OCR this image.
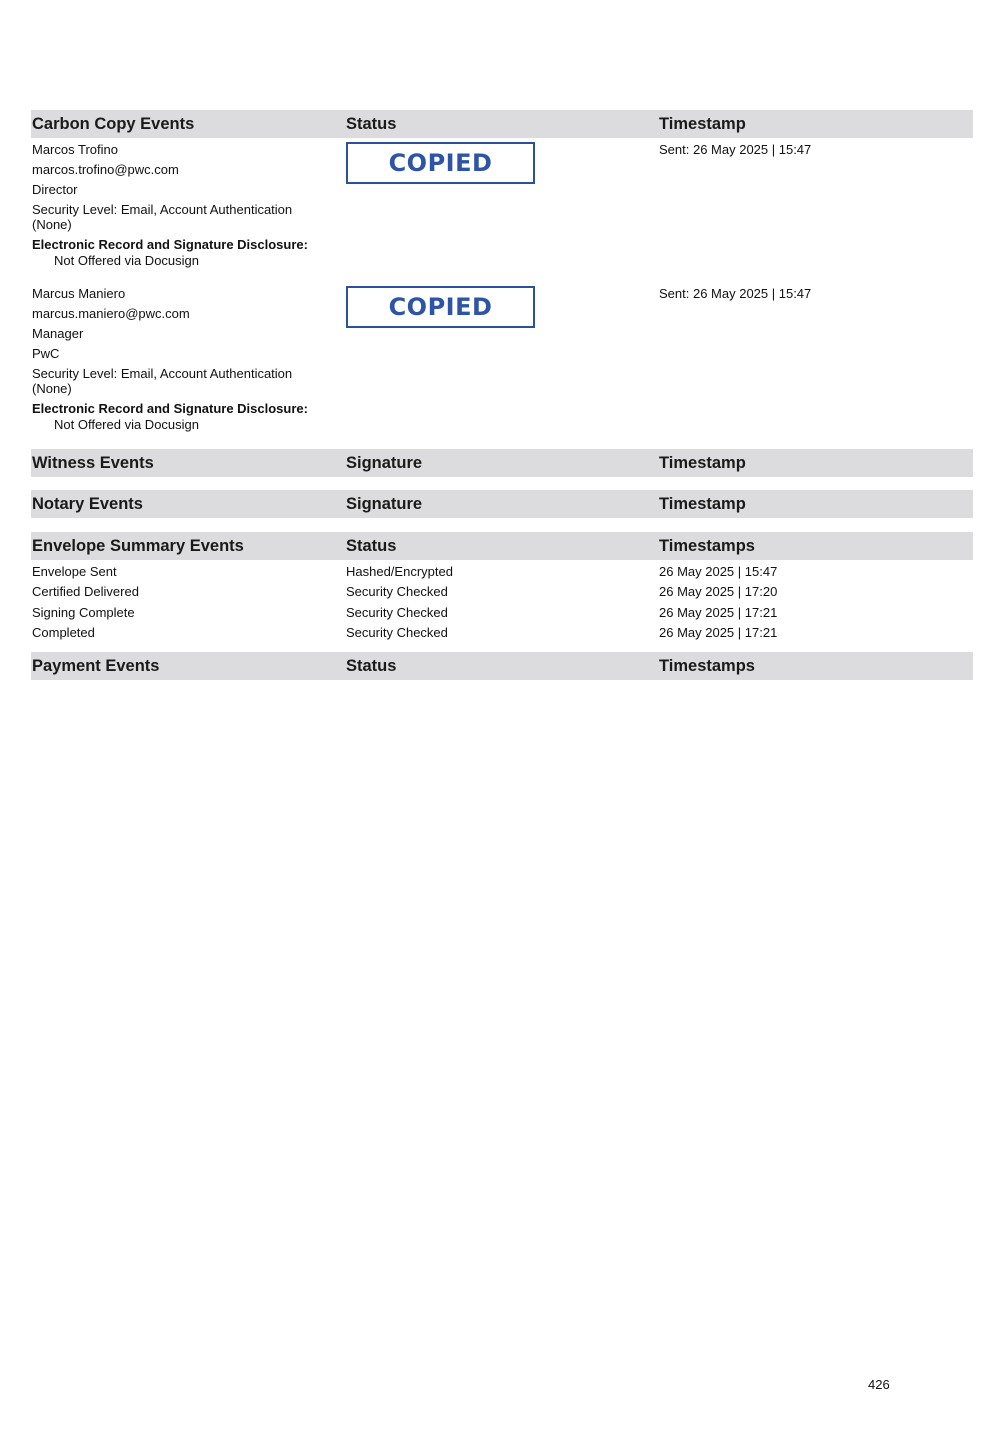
Carbon Copy Events	Status	Timestamp
Marcos Trofino
marcos.trofino@pwc.com
Director
Security Level: Email, Account Authentication
(None)
Electronic Record and Signature Disclosure:
Not Offered via Docusign
COPIED	Sent: 26 May 2025 | 15:47
Marcus Maniero
marcus.maniero@pwc.com
Manager
PwC
Security Level: Email, Account Authentication
(None)
Electronic Record and Signature Disclosure:
Not Offered via Docusign
COPIED	Sent: 26 May 2025 | 15:47
Witness Events	Signature	Timestamp
Notary Events	Signature	Timestamp
Envelope Summary Events	Status	Timestamps
Envelope Sent	Hashed/Encrypted	26 May 2025 | 15:47
Certified Delivered	Security Checked	26 May 2025 | 17:20
Signing Complete	Security Checked	26 May 2025 | 17:21
Completed	Security Checked	26 May 2025 | 17:21
Payment Events	Status	Timestamps
426
